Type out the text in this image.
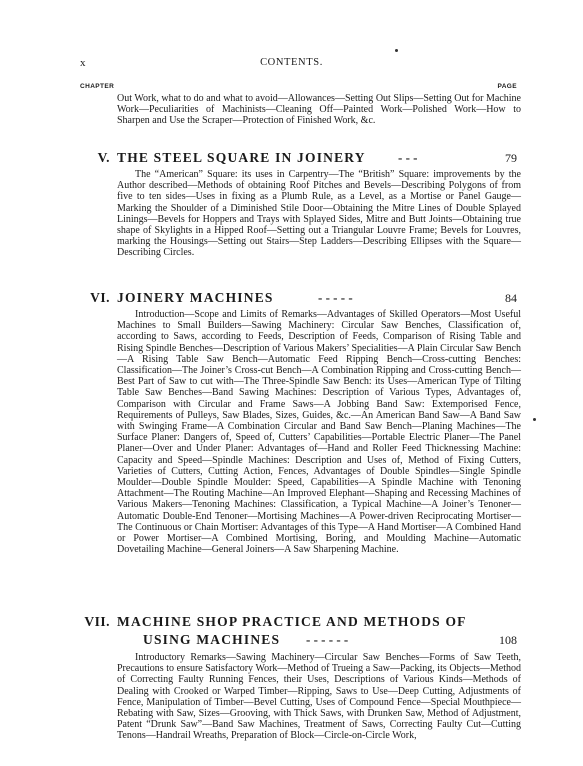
x	CONTENTS.
CHAPTER	PAGE
Out Work, what to do and what to avoid—Allowances—Setting Out Slips—Setting Out for Machine Work—Peculiarities of Machinists—Cleaning Off—Painted Work—Polished Work—How to Sharpen and Use the Scraper—Protection of Finished Work, &c.
V. THE STEEL SQUARE IN JOINERY - - -	79
The “American” Square: its uses in Carpentry—The “British” Square: improvements by the Author described—Methods of obtaining Roof Pitches and Bevels—Describing Polygons of from five to ten sides—Uses in fixing as a Plumb Rule, as a Level, as a Mortise or Panel Gauge—Marking the Shoulder of a Diminished Stile Door—Obtaining the Mitre Lines of Double Splayed Linings—Bevels for Hoppers and Trays with Splayed Sides, Mitre and Butt Joints—Obtaining true shape of Skylights in a Hipped Roof—Setting out a Triangular Louvre Frame; Bevels for Louvres, marking the Housings—Setting out Stairs—Step Ladders—Describing Ellipses with the Square—Describing Circles.
VI. JOINERY MACHINES	- - - - -	84
Introduction—Scope and Limits of Remarks—Advantages of Skilled Operators—Most Useful Machines to Small Builders—Sawing Machinery: Circular Saw Benches, Classification of, according to Saws, according to Feeds, Description of Feeds, Comparison of Rising Table and Rising Spindle Benches—Description of Various Makers’ Specialities—A Plain Circular Saw Bench—A Rising Table Saw Bench—Automatic Feed Ripping Bench—Cross-cutting Benches: Classification—The Joiner’s Cross-cut Bench—A Combination Ripping and Cross-cutting Bench—Best Part of Saw to cut with—The Three-Spindle Saw Bench: its Uses—American Type of Tilting Table Saw Benches—Band Sawing Machines: Description of Various Types, Advantages of, Comparison with Circular and Frame Saws—A Jobbing Band Saw: Extemporised Fence, Requirements of Pulleys, Saw Blades, Sizes, Guides, &c.—An American Band Saw—A Band Saw with Swinging Frame—A Combination Circular and Band Saw Bench—Planing Machines—The Surface Planer: Dangers of, Speed of, Cutters’ Capabilities—Portable Electric Planer—The Panel Planer—Over and Under Planer: Advantages of—Hand and Roller Feed Thicknessing Machine: Capacity and Speed—Spindle Machines: Description and Uses of, Method of Fixing Cutters, Varieties of Cutters, Cutting Action, Fences, Advantages of Double Spindles—Single Spindle Moulder—Double Spindle Moulder: Speed, Capabilities—A Spindle Machine with Tenoning Attachment—The Routing Machine—An Improved Elephant—Shaping and Recessing Machines of Various Makers—Tenoning Machines: Classification, a Typical Machine—A Joiner’s Tenoner—Automatic Double-End Tenoner—Mortising Machines—A Power-driven Reciprocating Mortiser—The Continuous or Chain Mortiser: Advantages of this Type—A Hand Mortiser—A Combined Hand or Power Mortiser—A Combined Mortising, Boring, and Moulding Machine—Automatic Dovetailing Machine—General Joiners—A Saw Sharpening Machine.
VII. MACHINE SHOP PRACTICE AND METHODS OF
USING MACHINES - - - - - -	108
Introductory Remarks—Sawing Machinery—Circular Saw Benches—Forms of Saw Teeth, Precautions to ensure Satisfactory Work—Method of Trueing a Saw—Packing, its Objects—Method of Correcting Faulty Running Fences, their Uses, Descriptions of Various Kinds—Methods of Dealing with Crooked or Warped Timber—Ripping, Saws to Use—Deep Cutting, Adjustments of Fence, Manipulation of Timber—Bevel Cutting, Uses of Compound Fence—Special Mouthpiece—Rebating with Saw, Sizes—Grooving, with Thick Saws, with Drunken Saw, Method of Adjustment, Patent “Drunk Saw”—Band Saw Machines, Treatment of Saws, Correcting Faulty Cut—Cutting Tenons—Handrail Wreaths, Preparation of Block—Circle-on-Circle Work,
